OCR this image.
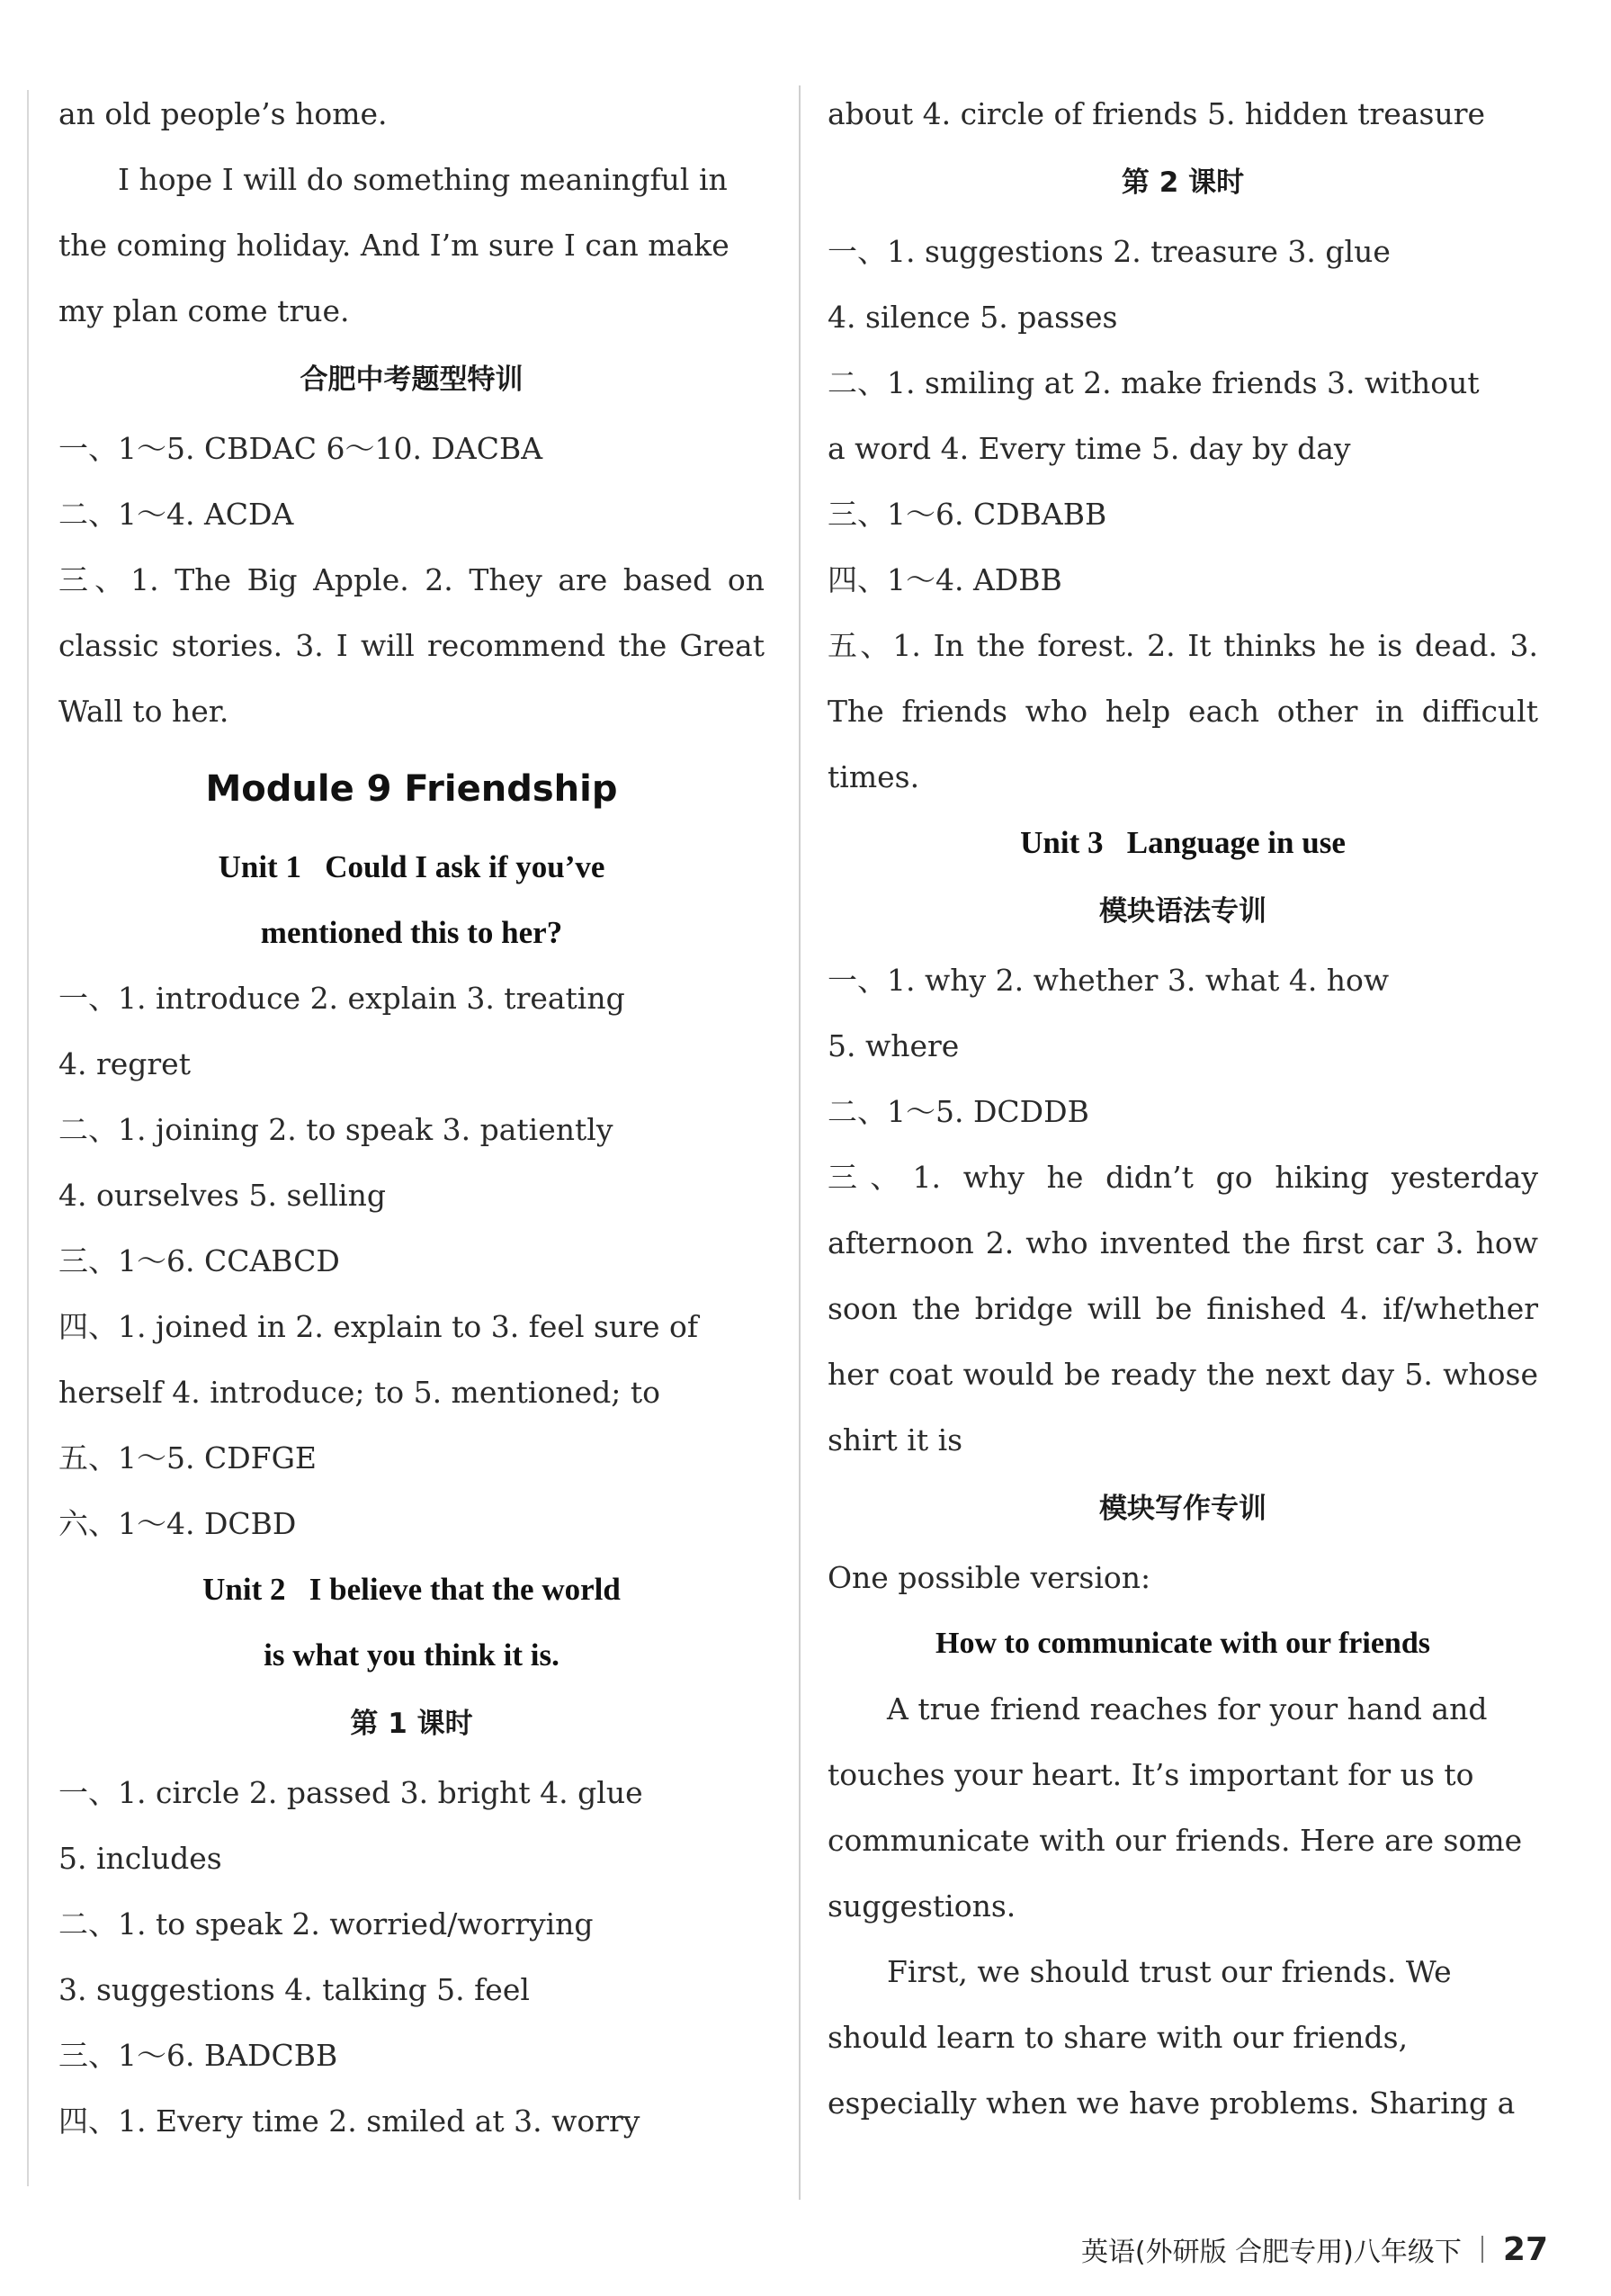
an old people’s home.

I hope I will do something meaningful in the coming holiday. And I’m sure I can make my plan come true.

合肥中考题型特训
一、1～5. CBDAC 6～10. DACBA
二、1～4. ACDA

三、1. The Big Apple. 2. They are based on classic stories. 3. I will recommend the Great Wall to her.

Module 9 Friendship
Unit 1   Could I ask if you’ve
mentioned this to her?
一、1. introduce 2. explain 3. treating
4. regret
二、1. joining 2. to speak 3. patiently
4. ourselves 5. selling
三、1～6. CCABCD
四、1. joined in 2. explain to 3. feel sure of
herself 4. introduce; to 5. mentioned; to
五、1～5. CDFGE
六、1～4. DCBD
Unit 2   I believe that the world
is what you think it is.
第 1 课时
一、1. circle 2. passed 3. bright 4. glue
5. includes
二、1. to speak 2. worried/worrying
3. suggestions 4. talking 5. feel
三、1～6. BADCBB
四、1. Every time 2. smiled at 3. worry
about 4. circle of friends 5. hidden treasure
第 2 课时
一、1. suggestions 2. treasure 3. glue
4. silence 5. passes
二、1. smiling at 2. make friends 3. without
a word 4. Every time 5. day by day
三、1～6. CDBABB
四、1～4. ADBB

五、1. In the forest. 2. It thinks he is dead. 3. The friends who help each other in difficult times.

Unit 3   Language in use
模块语法专训
一、1. why 2. whether 3. what 4. how
5. where
二、1～5. DCDDB

三、1. why he didn’t go hiking yesterday afternoon 2. who invented the first car 3. how soon the bridge will be finished 4. if/whether her coat would be ready the next day 5. whose shirt it is

模块写作专训

One possible version:

How to communicate with our friends

A true friend reaches for your hand and touches your heart. It’s important for us to communicate with our friends. Here are some suggestions.

First, we should trust our friends. We should learn to share with our friends, especially when we have problems. Sharing a

英语(外研版 合肥专用)八年级下 27
